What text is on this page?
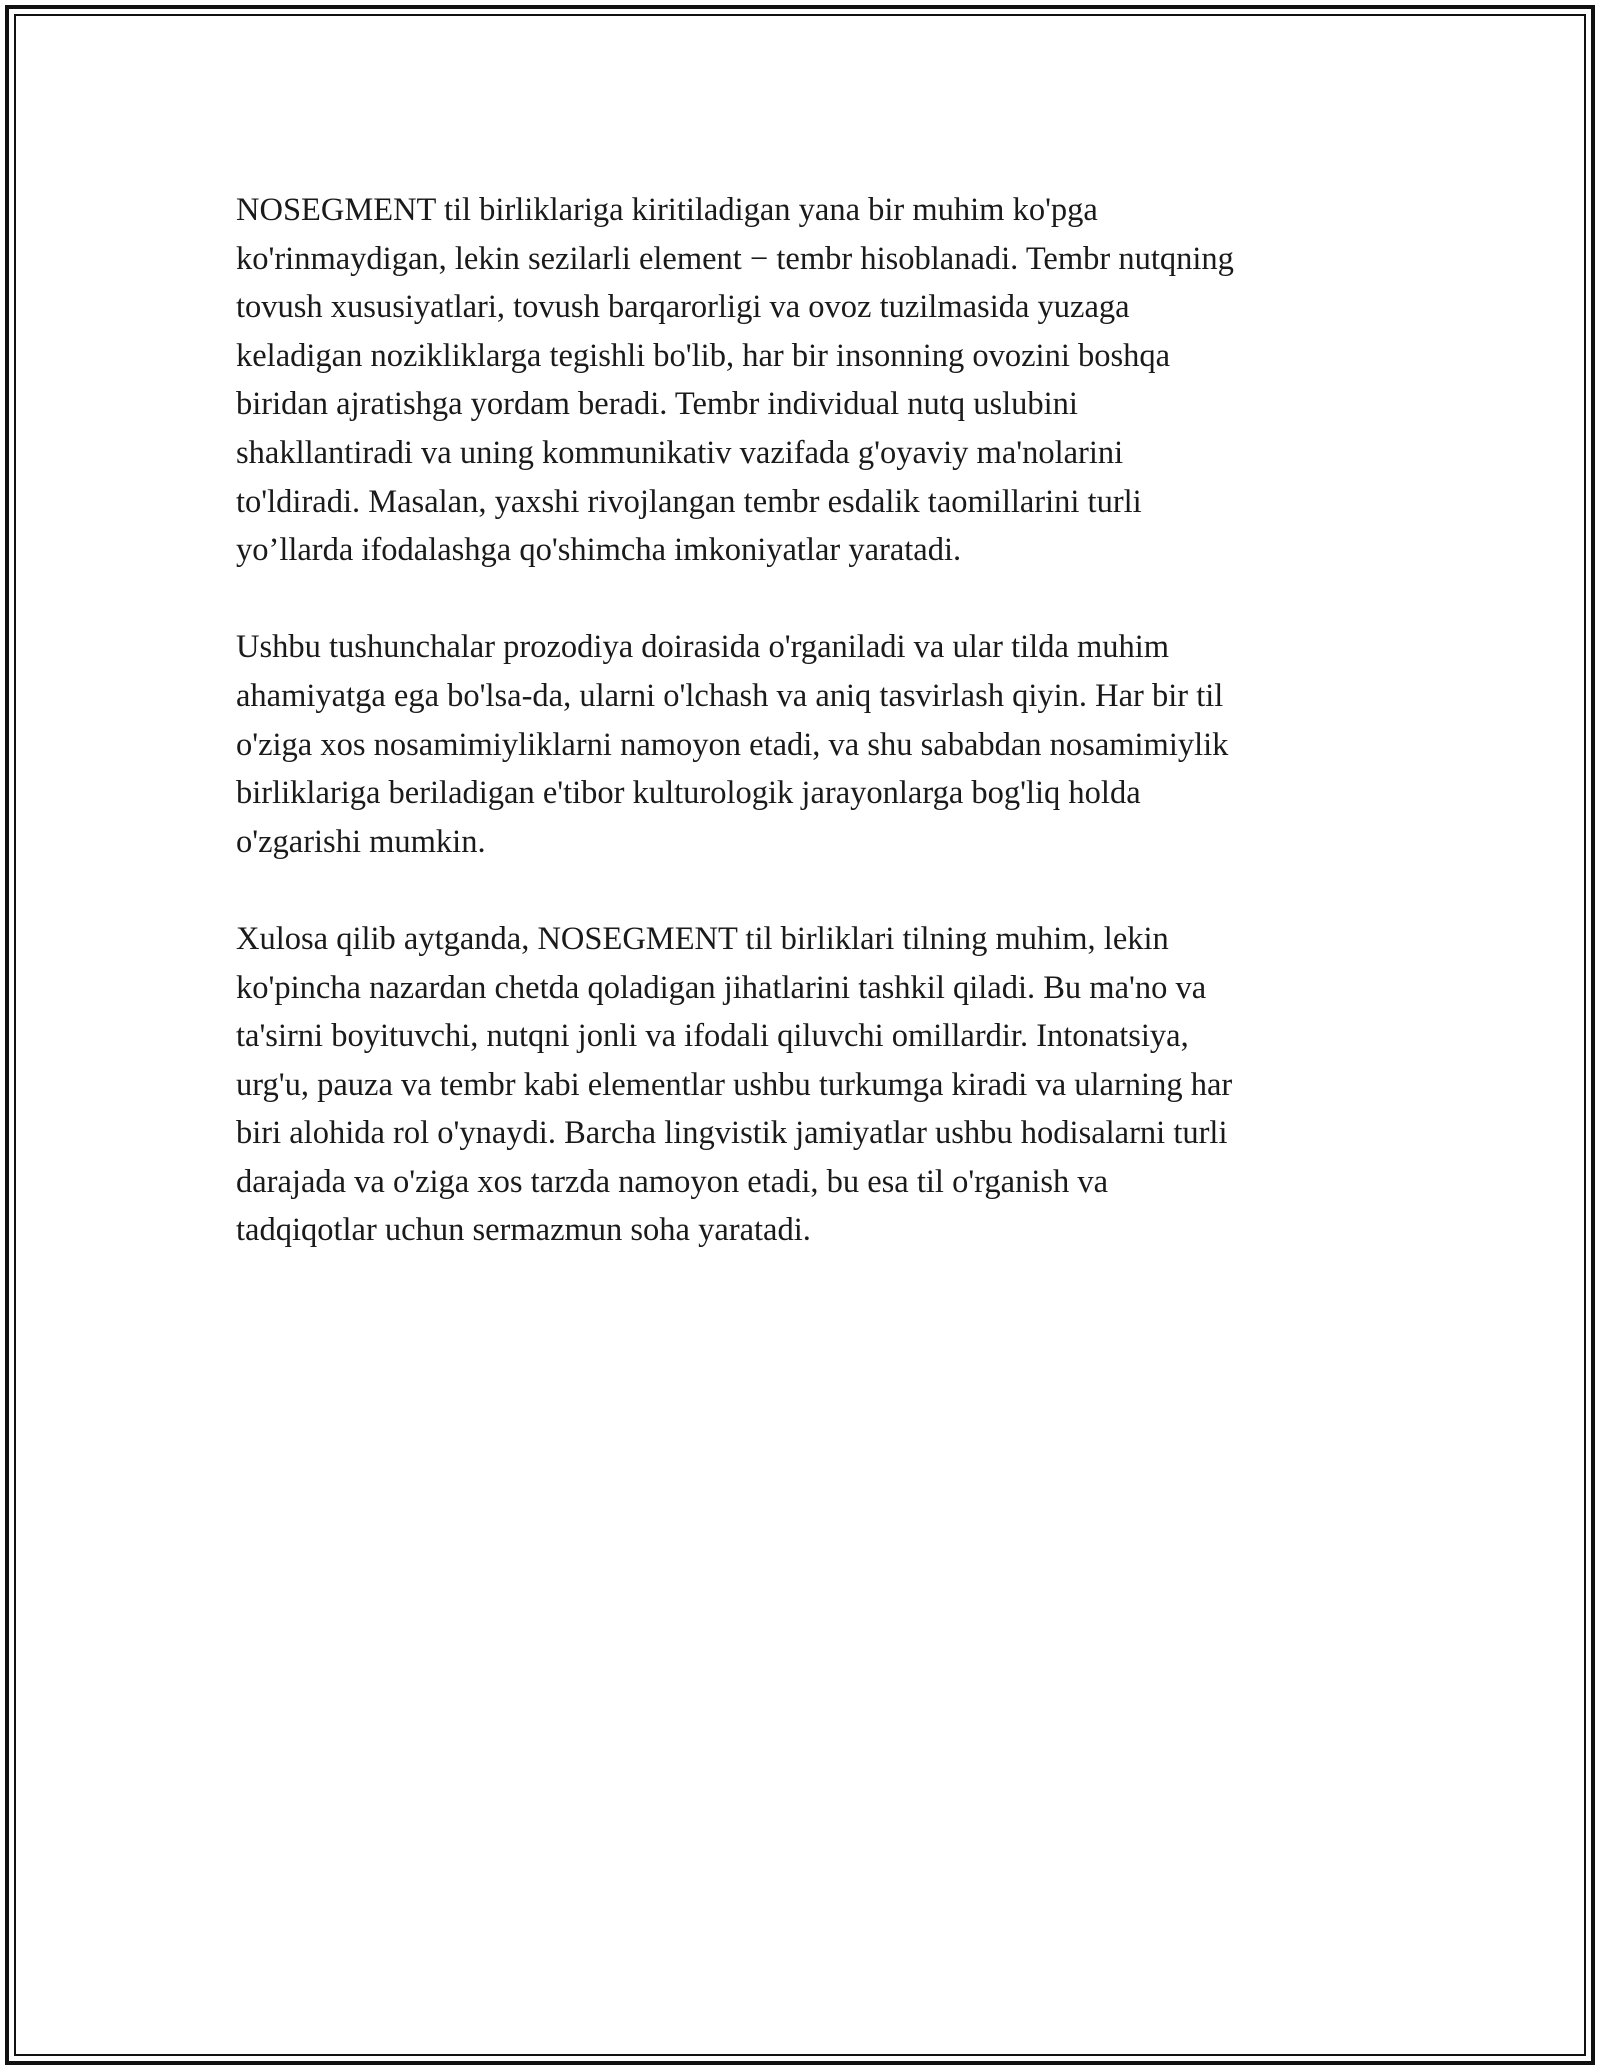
NOSEGMENT til birliklariga kiritiladigan yana bir muhim ko'pga
ko'rinmaydigan, lekin sezilarli element − tembr hisoblanadi. Tembr nutqning
tovush xususiyatlari, tovush barqarorligi va ovoz tuzilmasida yuzaga
keladigan nozikliklarga tegishli bo'lib, har bir insonning ovozini boshqa
biridan ajratishga yordam beradi. Tembr individual nutq uslubini
shakllantiradi va uning kommunikativ vazifada g'oyaviy ma'nolarini
to'ldiradi. Masalan, yaxshi rivojlangan tembr esdalik taomillarini turli
yo’llarda ifodalashga qo'shimcha imkoniyatlar yaratadi.

Ushbu tushunchalar prozodiya doirasida o'rganiladi va ular tilda muhim
ahamiyatga ega bo'lsa-da, ularni o'lchash va aniq tasvirlash qiyin. Har bir til
o'ziga xos nosamimiyliklarni namoyon etadi, va shu sababdan nosamimiylik
birliklariga beriladigan e'tibor kulturologik jarayonlarga bog'liq holda
o'zgarishi mumkin.

Xulosa qilib aytganda, NOSEGMENT til birliklari tilning muhim, lekin
ko'pincha nazardan chetda qoladigan jihatlarini tashkil qiladi. Bu ma'no va
ta'sirni boyituvchi, nutqni jonli va ifodali qiluvchi omillardir. Intonatsiya,
urg'u, pauza va tembr kabi elementlar ushbu turkumga kiradi va ularning har
biri alohida rol o'ynaydi. Barcha lingvistik jamiyatlar ushbu hodisalarni turli
darajada va o'ziga xos tarzda namoyon etadi, bu esa til o'rganish va
tadqiqotlar uchun sermazmun soha yaratadi.
